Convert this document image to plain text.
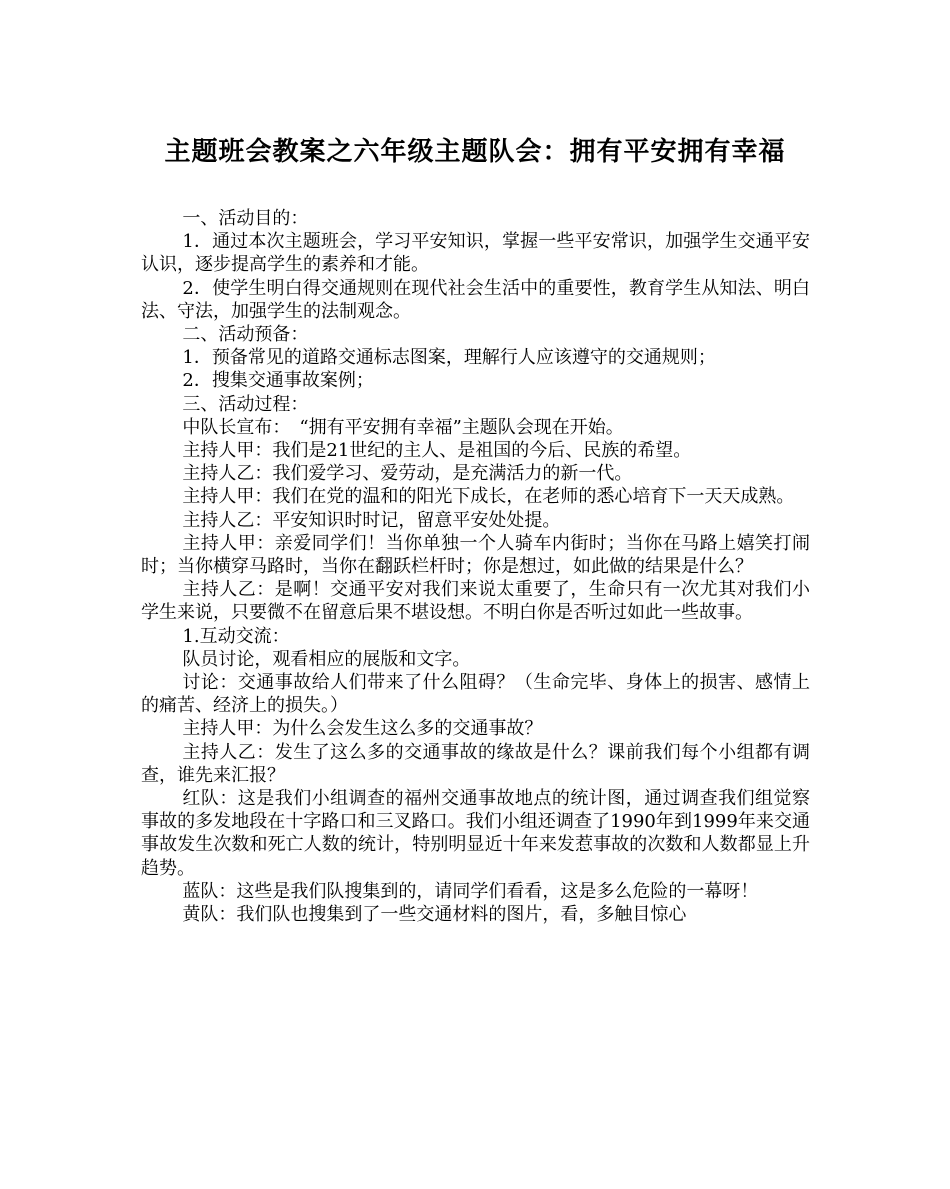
主题班会教案之六年级主题队会：拥有平安拥有幸福

一、活动目的：

1．通过本次主题班会，学习平安知识，掌握一些平安常识，加强学生交通平安认识，逐步提高学生的素养和才能。

2．使学生明白得交通规则在现代社会生活中的重要性，教育学生从知法、明白法、守法，加强学生的法制观念。

二、活动预备：

1．预备常见的道路交通标志图案，理解行人应该遵守的交通规则；

2．搜集交通事故案例；

三、活动过程：

中队长宣布：　“拥有平安拥有幸福”主题队会现在开始。

主持人甲：我们是21世纪的主人、是祖国的今后、民族的希望。

主持人乙：我们爱学习、爱劳动，是充满活力的新一代。

主持人甲：我们在党的温和的阳光下成长，在老师的悉心培育下一天天成熟。

主持人乙：平安知识时时记，留意平安处处提。

主持人甲：亲爱同学们！当你单独一个人骑车内街时；当你在马路上嬉笑打闹时；当你横穿马路时，当你在翻跃栏杆时；你是想过，如此做的结果是什么？

主持人乙：是啊！交通平安对我们来说太重要了，生命只有一次尤其对我们小学生来说，只要微不在留意后果不堪设想。不明白你是否听过如此一些故事。

1.互动交流：

队员讨论，观看相应的展版和文字。

讨论：交通事故给人们带来了什么阻碍？（生命完毕、身体上的损害、感情上的痛苦、经济上的损失。）

主持人甲：为什么会发生这么多的交通事故？

主持人乙：发生了这么多的交通事故的缘故是什么？课前我们每个小组都有调查，谁先来汇报？

红队：这是我们小组调查的福州交通事故地点的统计图，通过调查我们组觉察事故的多发地段在十字路口和三叉路口。我们小组还调查了1990年到1999年来交通事故发生次数和死亡人数的统计，特别明显近十年来发惹事故的次数和人数都显上升趋势。

蓝队：这些是我们队搜集到的，请同学们看看，这是多么危险的一幕呀！

黄队：我们队也搜集到了一些交通材料的图片，看，多触目惊心
